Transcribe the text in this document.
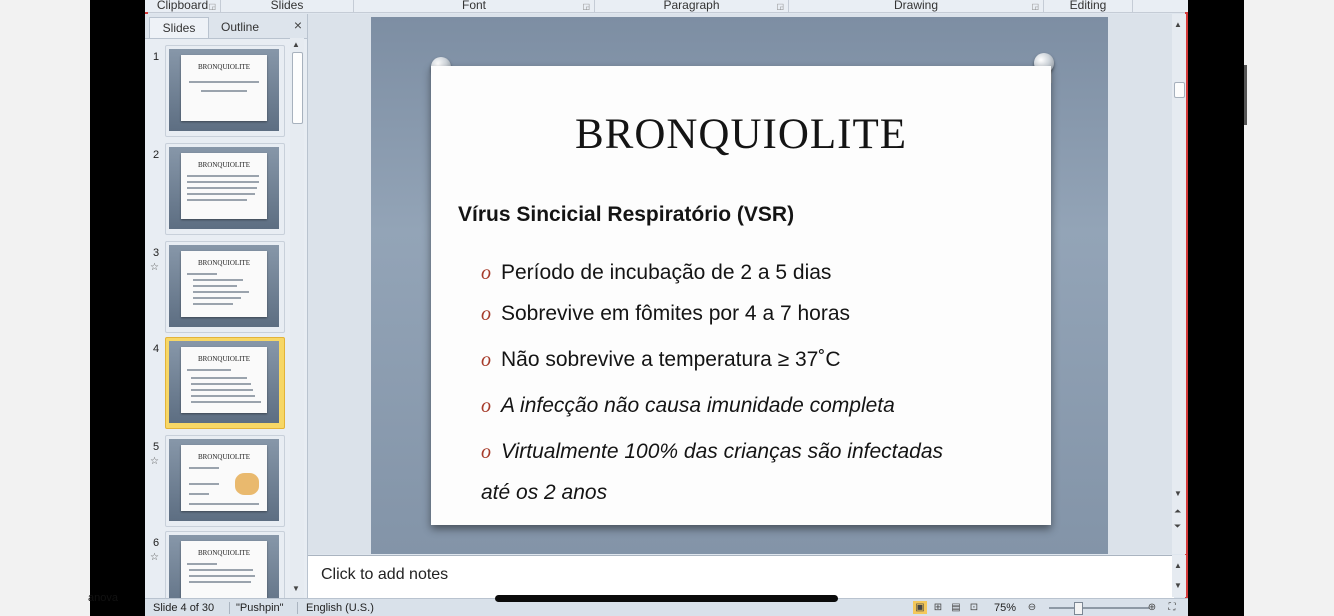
anova
Clipboard ◲	Slides	Font	◲	Paragraph	◲	Drawing	◲	Editing
Slides	Outline	×
1
BRONQUIOLITE
2
BRONQUIOLITE
3
☆	BRONQUIOLITE
4
BRONQUIOLITE
5
☆	BRONQUIOLITE
6
☆	BRONQUIOLITE
▲
▼
BRONQUIOLITE
Vírus Sincicial Respiratório (VSR)
o Período de incubação de 2 a 5 dias
o Sobrevive em fômites por 4 a 7 horas
o Não sobrevive a temperatura ≥ 37˚C
o A infecção não causa imunidade completa
o Virtualmente 100% das crianças são infectadas
até os 2 anos
▲
▼
⏶
⏷
Click to add notes
▲
▼
Slide 4 of 30 "Pushpin" English (U.S.)	▣ ⊞ ▤ ⊡ 75% ⊖	⊕	⛶
